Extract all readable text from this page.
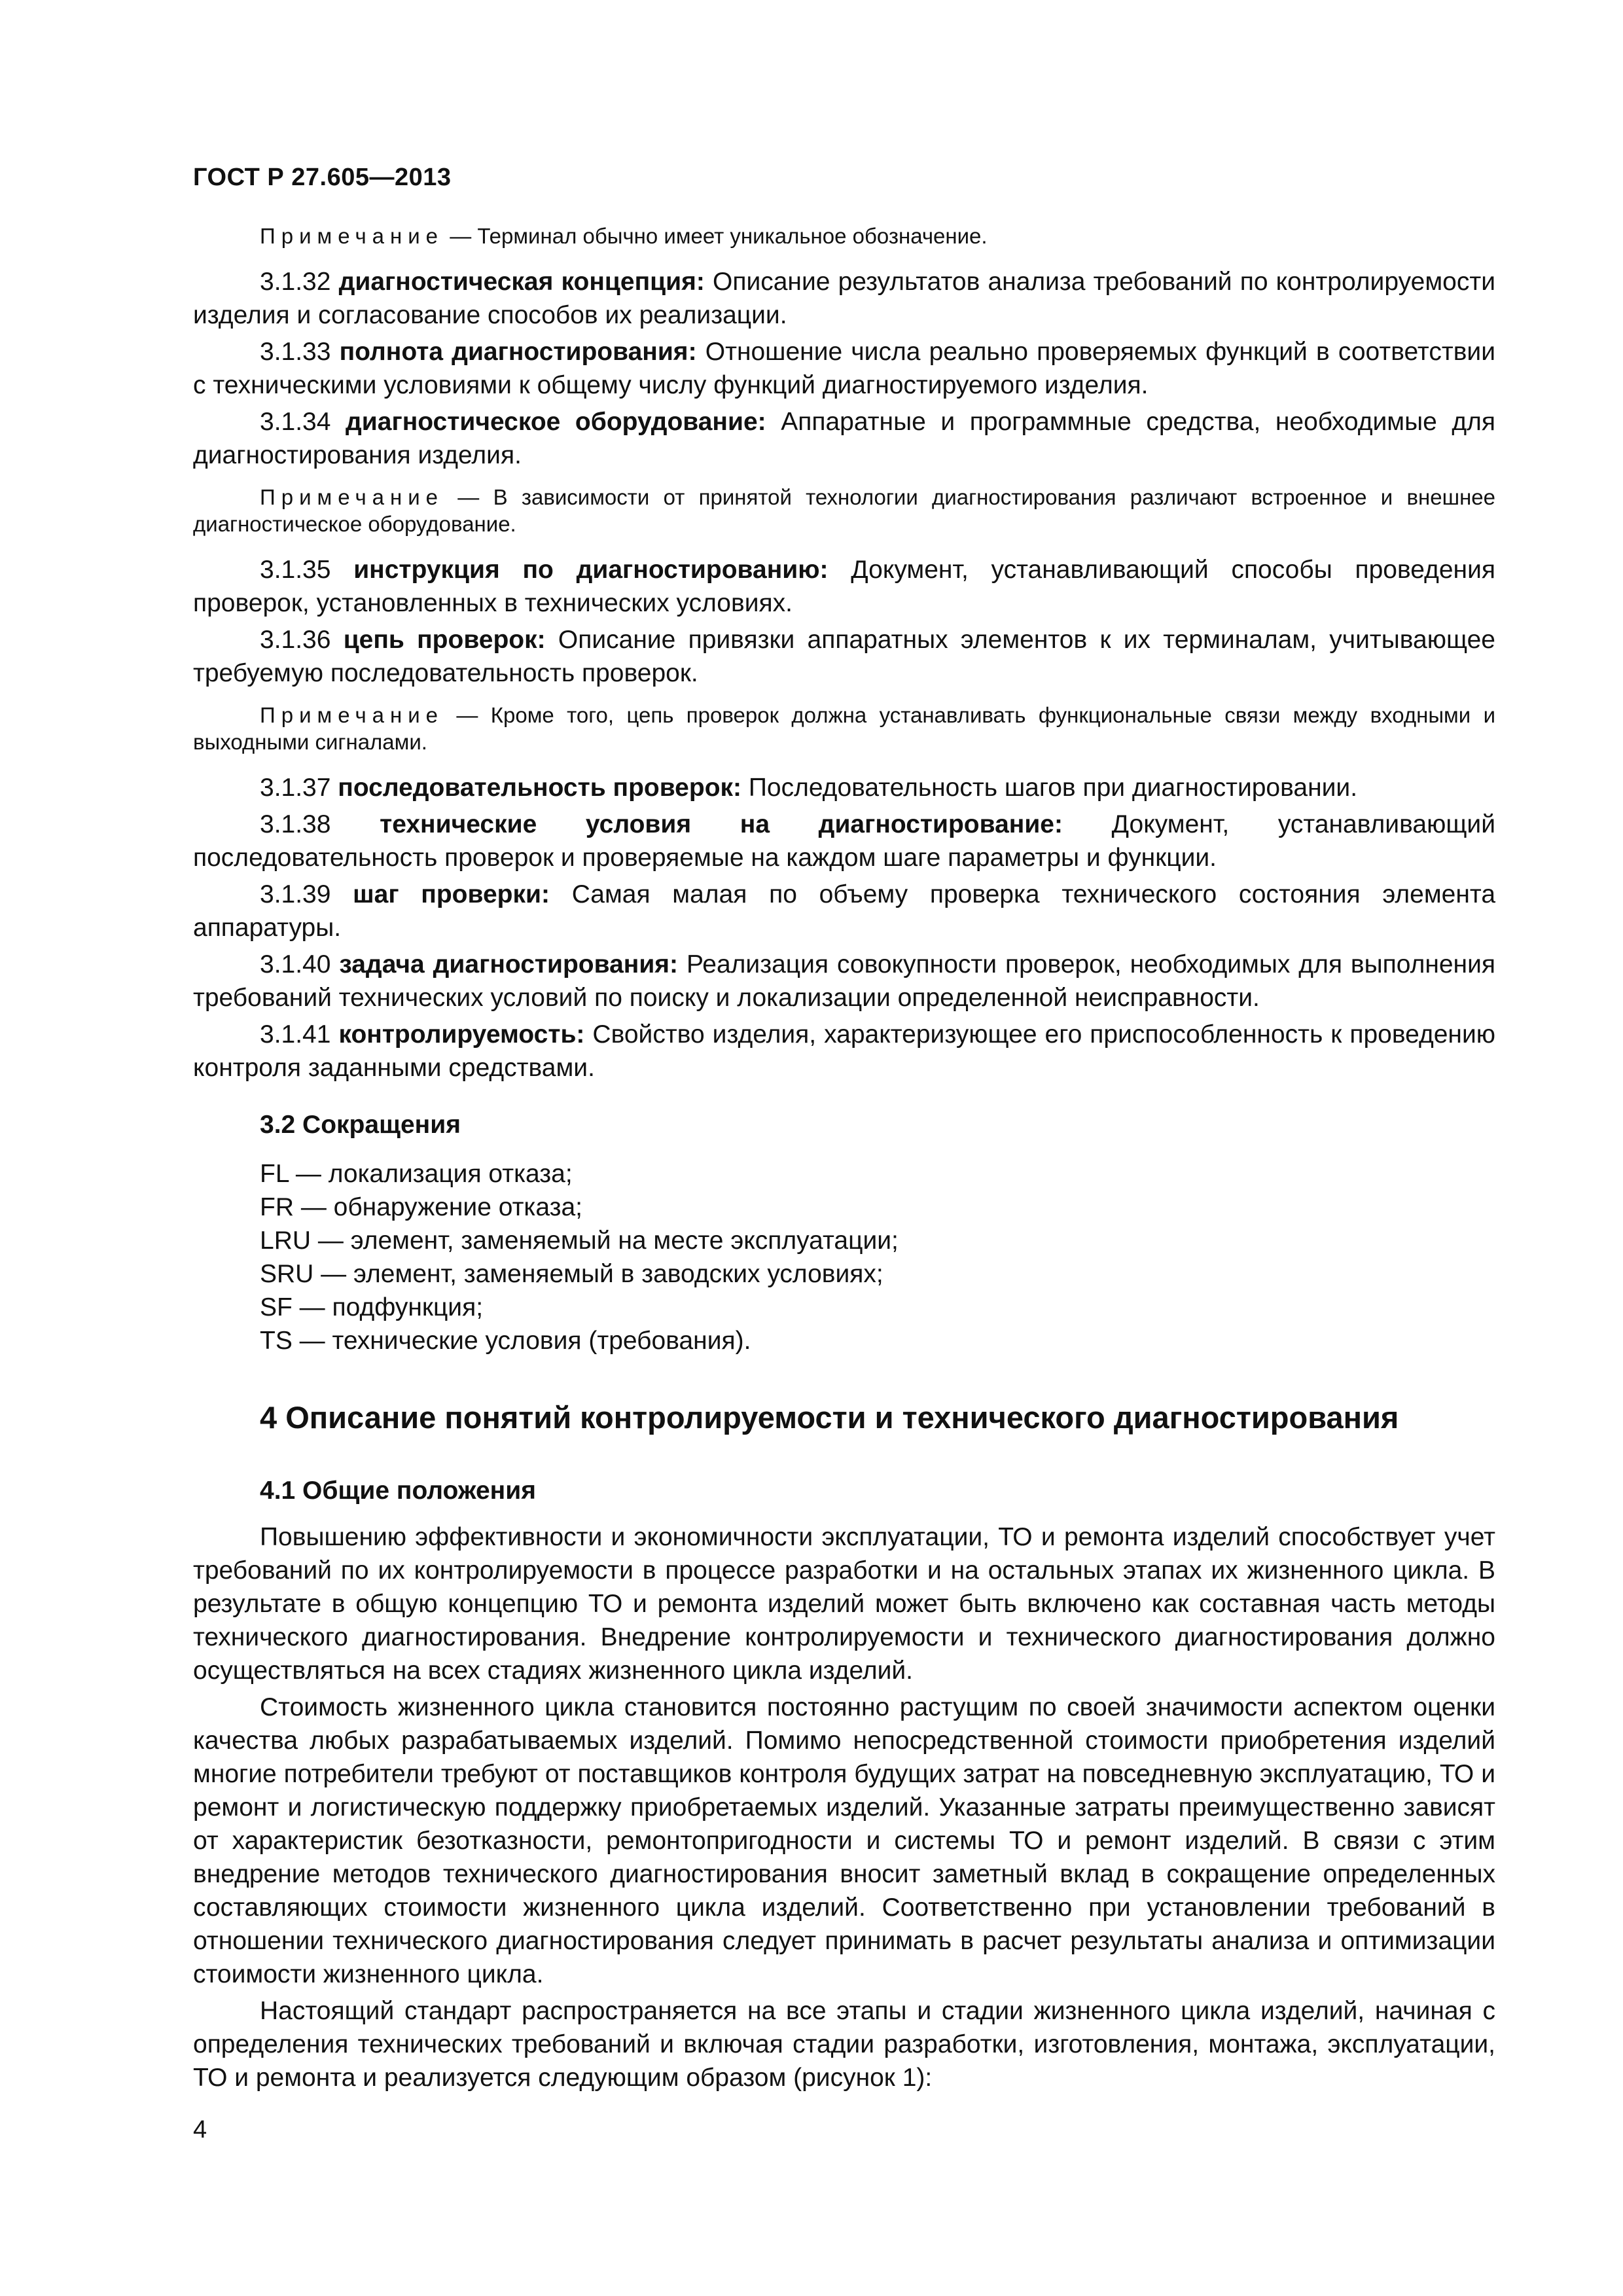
ГОСТ Р 27.605—2013
Примечание — Терминал обычно имеет уникальное обозначение.

3.1.32 диагностическая концепция: Описание результатов анализа требований по контролируемости изделия и согласование способов их реализации.

3.1.33 полнота диагностирования: Отношение числа реально проверяемых функций в соответствии с техническими условиями к общему числу функций диагностируемого изделия.

3.1.34 диагностическое оборудование: Аппаратные и программные средства, необходимые для диагностирования изделия.

Примечание — В зависимости от принятой технологии диагностирования различают встроенное и внешнее диагностическое оборудование.

3.1.35 инструкция по диагностированию: Документ, устанавливающий способы проведения проверок, установленных в технических условиях.

3.1.36 цепь проверок: Описание привязки аппаратных элементов к их терминалам, учитывающее требуемую последовательность проверок.

Примечание — Кроме того, цепь проверок должна устанавливать функциональные связи между входными и выходными сигналами.

3.1.37 последовательность проверок: Последовательность шагов при диагностировании.

3.1.38 технические условия на диагностирование: Документ, устанавливающий последовательность проверок и проверяемые на каждом шаге параметры и функции.

3.1.39 шаг проверки: Самая малая по объему проверка технического состояния элемента аппаратуры.

3.1.40 задача диагностирования: Реализация совокупности проверок, необходимых для выполнения требований технических условий по поиску и локализации определенной неисправности.

3.1.41 контролируемость: Свойство изделия, характеризующее его приспособленность к проведению контроля заданными средствами.

3.2 Сокращения
FL — локализация отказа;
FR — обнаружение отказа;
LRU — элемент, заменяемый на месте эксплуатации;
SRU — элемент, заменяемый в заводских условиях;
SF — подфункция;
TS — технические условия (требования).
4 Описание понятий контролируемости и технического диагностирования
4.1 Общие положения

Повышению эффективности и экономичности эксплуатации, ТО и ремонта изделий способствует учет требований по их контролируемости в процессе разработки и на остальных этапах их жизненного цикла. В результате в общую концепцию ТО и ремонта изделий может быть включено как составная часть методы технического диагностирования. Внедрение контролируемости и технического диагностирования должно осуществляться на всех стадиях жизненного цикла изделий.

Стоимость жизненного цикла становится постоянно растущим по своей значимости аспектом оценки качества любых разрабатываемых изделий. Помимо непосредственной стоимости приобретения изделий многие потребители требуют от поставщиков контроля будущих затрат на повседневную эксплуатацию, ТО и ремонт и логистическую поддержку приобретаемых изделий. Указанные затраты преимущественно зависят от характеристик безотказности, ремонтопригодности и системы ТО и ремонт изделий. В связи с этим внедрение методов технического диагностирования вносит заметный вклад в сокращение определенных составляющих стоимости жизненного цикла изделий. Соответственно при установлении требований в отношении технического диагностирования следует принимать в расчет результаты анализа и оптимизации стоимости жизненного цикла.

Настоящий стандарт распространяется на все этапы и стадии жизненного цикла изделий, начиная с определения технических требований и включая стадии разработки, изготовления, монтажа, эксплуатации, ТО и ремонта и реализуется следующим образом (рисунок 1):

4
